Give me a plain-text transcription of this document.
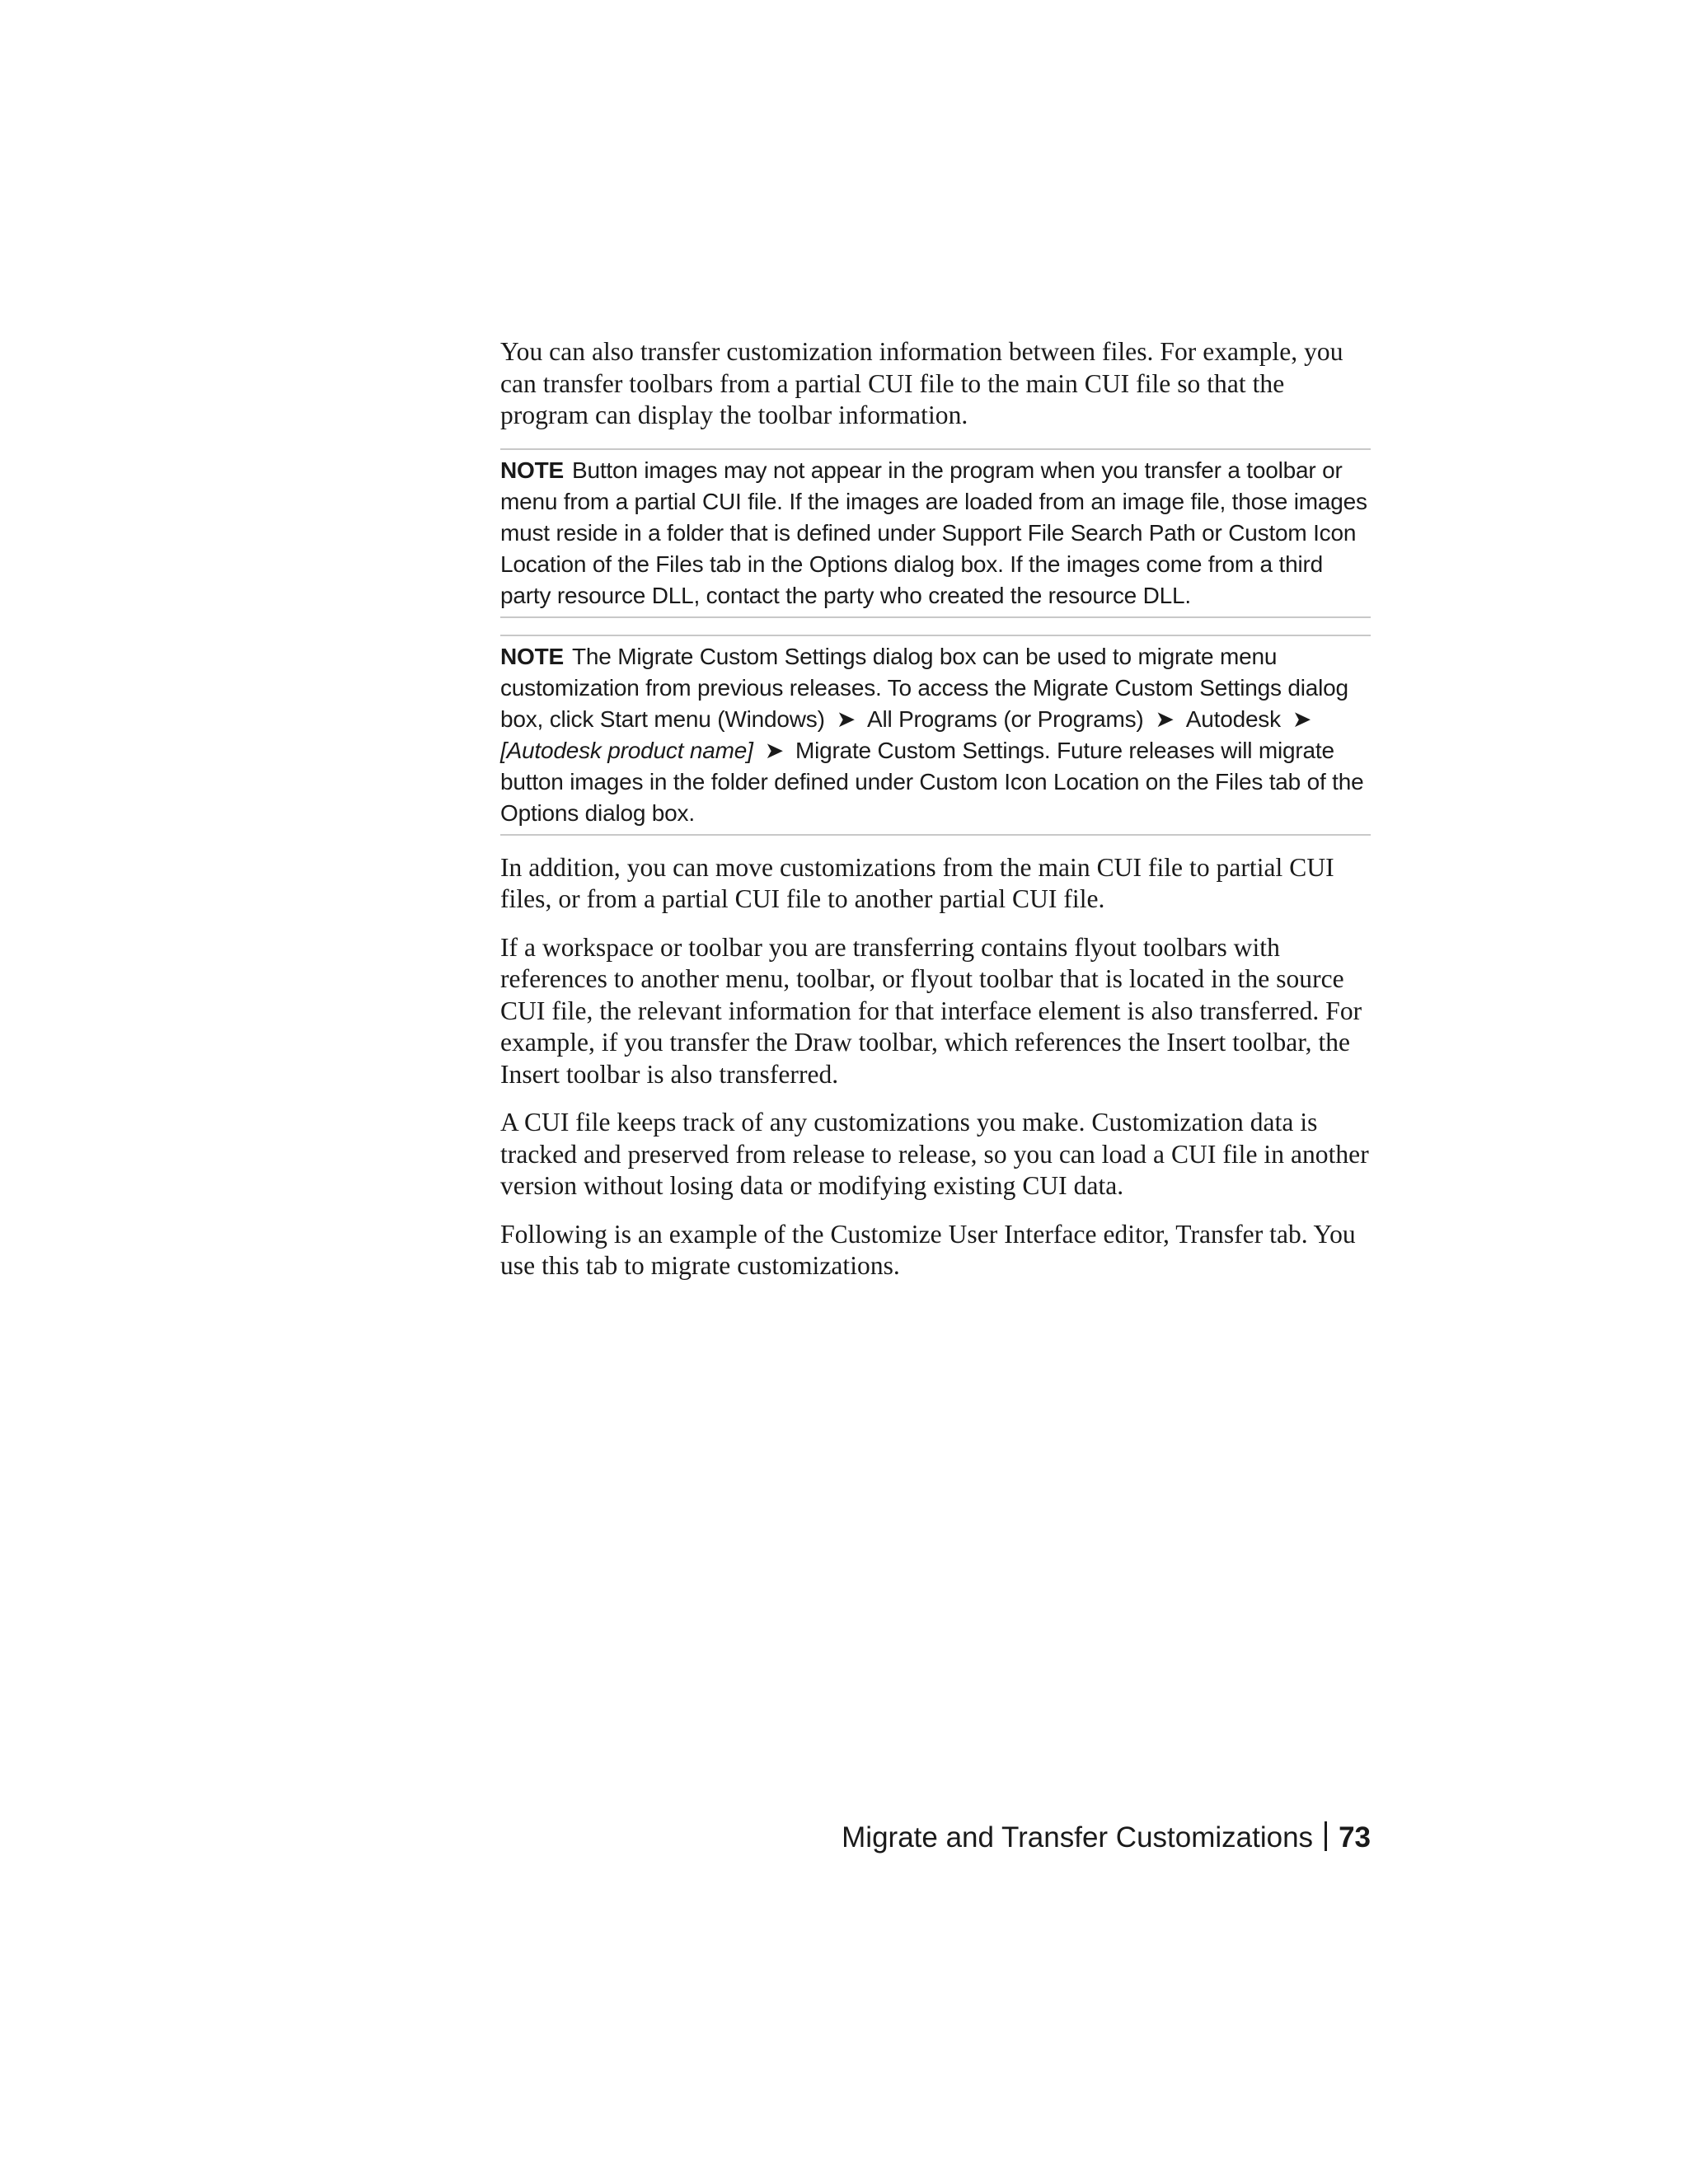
You can also transfer customization information between files. For example, you can transfer toolbars from a partial CUI file to the main CUI file so that the program can display the toolbar information.

NOTE Button images may not appear in the program when you transfer a toolbar or menu from a partial CUI file. If the images are loaded from an image file, those images must reside in a folder that is defined under Support File Search Path or Custom Icon Location of the Files tab in the Options dialog box. If the images come from a third party resource DLL, contact the party who created the resource DLL.
NOTE The Migrate Custom Settings dialog box can be used to migrate menu customization from previous releases. To access the Migrate Custom Settings dialog box, click Start menu (Windows) ➤ All Programs (or Programs) ➤ Autodesk ➤[Autodesk product name] ➤ Migrate Custom Settings. Future releases will migrate button images in the folder defined under Custom Icon Location on the Files tab of the Options dialog box.

In addition, you can move customizations from the main CUI file to partial CUI files, or from a partial CUI file to another partial CUI file.

If a workspace or toolbar you are transferring contains flyout toolbars with references to another menu, toolbar, or flyout toolbar that is located in the source CUI file, the relevant information for that interface element is also transferred. For example, if you transfer the Draw toolbar, which references the Insert toolbar, the Insert toolbar is also transferred.

A CUI file keeps track of any customizations you make. Customization data is tracked and preserved from release to release, so you can load a CUI file in another version without losing data or modifying existing CUI data.

Following is an example of the Customize User Interface editor, Transfer tab. You use this tab to migrate customizations.

Migrate and Transfer Customizations 73
